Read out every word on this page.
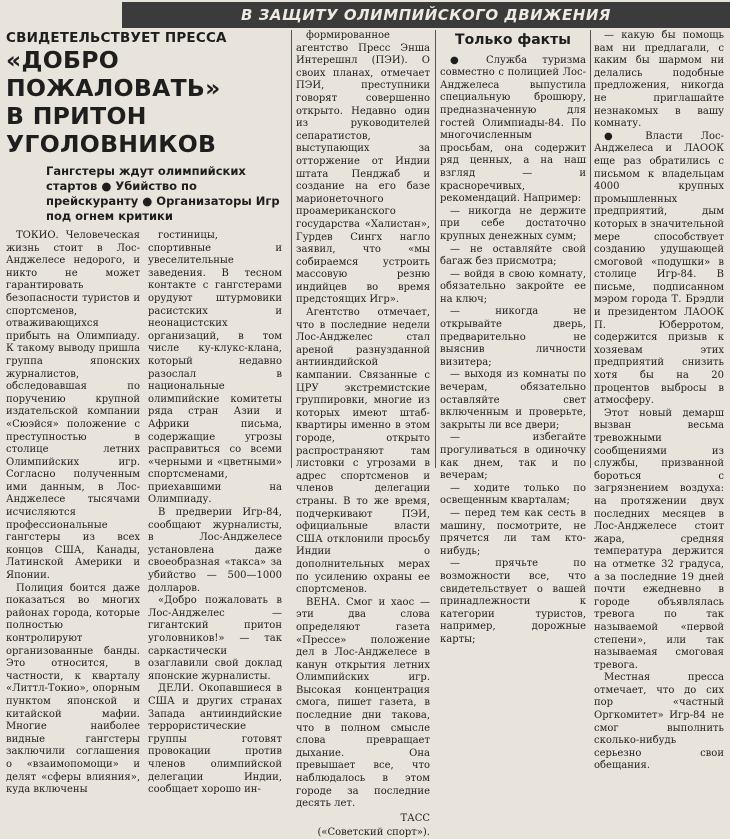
В ЗАЩИТУ ОЛИМПИЙСКОГО ДВИЖЕНИЯ
СВИДЕТЕЛЬСТВУЕТ ПРЕССА
«ДОБРО ПОЖАЛОВАТЬ»
В ПРИТОН УГОЛОВНИКОВ
Гангстеры ждут олимпийских стартов ● Убийство по прейскуранту ● Организаторы Игр под огнем критики

ТОКИО. Человеческая жизнь стоит в Лос-Анджелесе недорого, и никто не может гарантировать безопасности туристов и спортсменов, отваживающихся прибыть на Олимпиаду. К такому выводу пришла группа японских журналистов, обследовавшая по поручению крупной издательской компании «Сюэйся» положение с преступностью в столице летних Олимпийских игр. Согласно полученным ими данным, в Лос-Анджелесе тысячами исчисляются профессиональные гангстеры из всех концов США, Канады, Латинской Америки и Японии.

Полиция боится даже показаться во многих районах города, которые полностью контролируют организованные банды. Это относится, в частности, к кварталу «Литтл-Токио», опорным пунктом японской и китайской мафии. Многие наиболее видные гангстеры заключили соглашения о «взаимопомощи» и делят «сферы влияния», куда включены

гостиницы, спортивные и увеселительные заведения. В тесном контакте с гангстерами орудуют штурмовики расистских и неонацистских организаций, в том числе ку-клукс-клана, который недавно разослал в национальные олимпийские комитеты ряда стран Азии и Африки письма, содержащие угрозы расправиться со всеми «черными и «цветными» спортсменами, приехавшими на Олимпиаду.

В предверии Игр-84, сообщают журналисты, в Лос-Анджелесе установлена даже своеобразная «такса» за убийство — 500—1000 долларов.

«Добро пожаловать в Лос-Анджелес — гигантский притон уголовников!» — так саркастически озаглавили свой доклад японские журналисты.

ДЕЛИ. Окопавшиеся в США и других странах Запада антииндийские террористические группы готовят провокации против членов олимпийской делегации Индии, сообщает хорошо ин-

формированное агентство Пресс Энша Интерешнл (ПЭИ). О своих планах, отмечает ПЭИ, преступники говорят совершенно открыто. Недавно один из руководителей сепаратистов, выступающих за отторжение от Индии штата Пенджаб и создание на его базе марионеточного проамериканского государства «Халистан», Гурдев Сингх нагло заявил, что «мы собираемся устроить массовую резню индийцев во время предстоящих Игр».

Агентство отмечает, что в последние недели Лос-Анджелес стал ареной разнузданной антииндийской кампании. Связанные с ЦРУ экстремистские группировки, многие из которых имеют штаб-квартиры именно в этом городе, открыто распространяют там листовки с угрозами в адрес спортсменов и членов делегации страны. В то же время, подчеркивают ПЭИ, официальные власти США отклонили просьбу Индии о дополнительных мерах по усилению охраны ее спортсменов.

ВЕНА. Смог и хаос — эти два слова определяют газета «Прессе» положение дел в Лос-Анджелесе в канун открытия летних Олимпийских игр. Высокая концентрация смога, пишет газета, в последние дни такова, что в полном смысле слова превращает дыхание. Она превышает все, что наблюдалось в этом городе за последние десять лет.

ТАСС
(«Советский спорт»).
Только факты

● Служба туризма совместно с полицией Лос-Анджелеса выпустила специальную брошюру, предназначенную для гостей Олимпиады-84. По многочисленным просьбам, она содержит ряд ценных, а на наш взгляд — и красноречивых, рекомендаций. Например:

— никогда не держите при себе достаточно крупных денежных сумм;

— не оставляйте свой багаж без присмотра;

— войдя в свою комнату, обязательно закройте ее на ключ;

— никогда не открывайте дверь, предварительно не выяснив личности визитера;

— выходя из комнаты по вечерам, обязательно оставляйте свет включенным и проверьте, закрыты ли все двери;

— избегайте прогуливаться в одиночку как днем, так и по вечерам;

— ходите только по освещенным кварталам;

— перед тем как сесть в машину, посмотрите, не прячется ли там кто-нибудь;

— прячьте по возможности все, что свидетельствует о вашей принадлежности к категории туристов, например, дорожные карты;

— какую бы помощь вам ни предлагали, с каким бы шармом ни делались подобные предложения, никогда не приглашайте незнакомых в вашу комнату.

● Власти Лос-Анджелеса и ЛАООК еще раз обратились с письмом к владельцам 4000 крупных промышленных предприятий, дым которых в значительной мере способствует созданию удушающей смоговой «подушки» в столице Игр-84. В письме, подписанном мэром города Т. Брэдли и президентом ЛАООК П. Юберротом, содержится призыв к хозяевам этих предприятий снизить хотя бы на 20 процентов выбросы в атмосферу.

Этот новый демарш вызван весьма тревожными сообщениями из службы, призванной бороться с загрязнением воздуха: на протяжении двух последних месяцев в Лос-Анджелесе стоит жара, средняя температура держится на отметке 32 градуса, а за последние 19 дней почти ежедневно в городе объявлялась тревога по так называемой «первой степени», или так называемая смоговая тревога.

Местная пресса отмечает, что до сих пор «частный Оргкомитет» Игр-84 не смог выполнить сколько-нибудь серьезно свои обещания.
